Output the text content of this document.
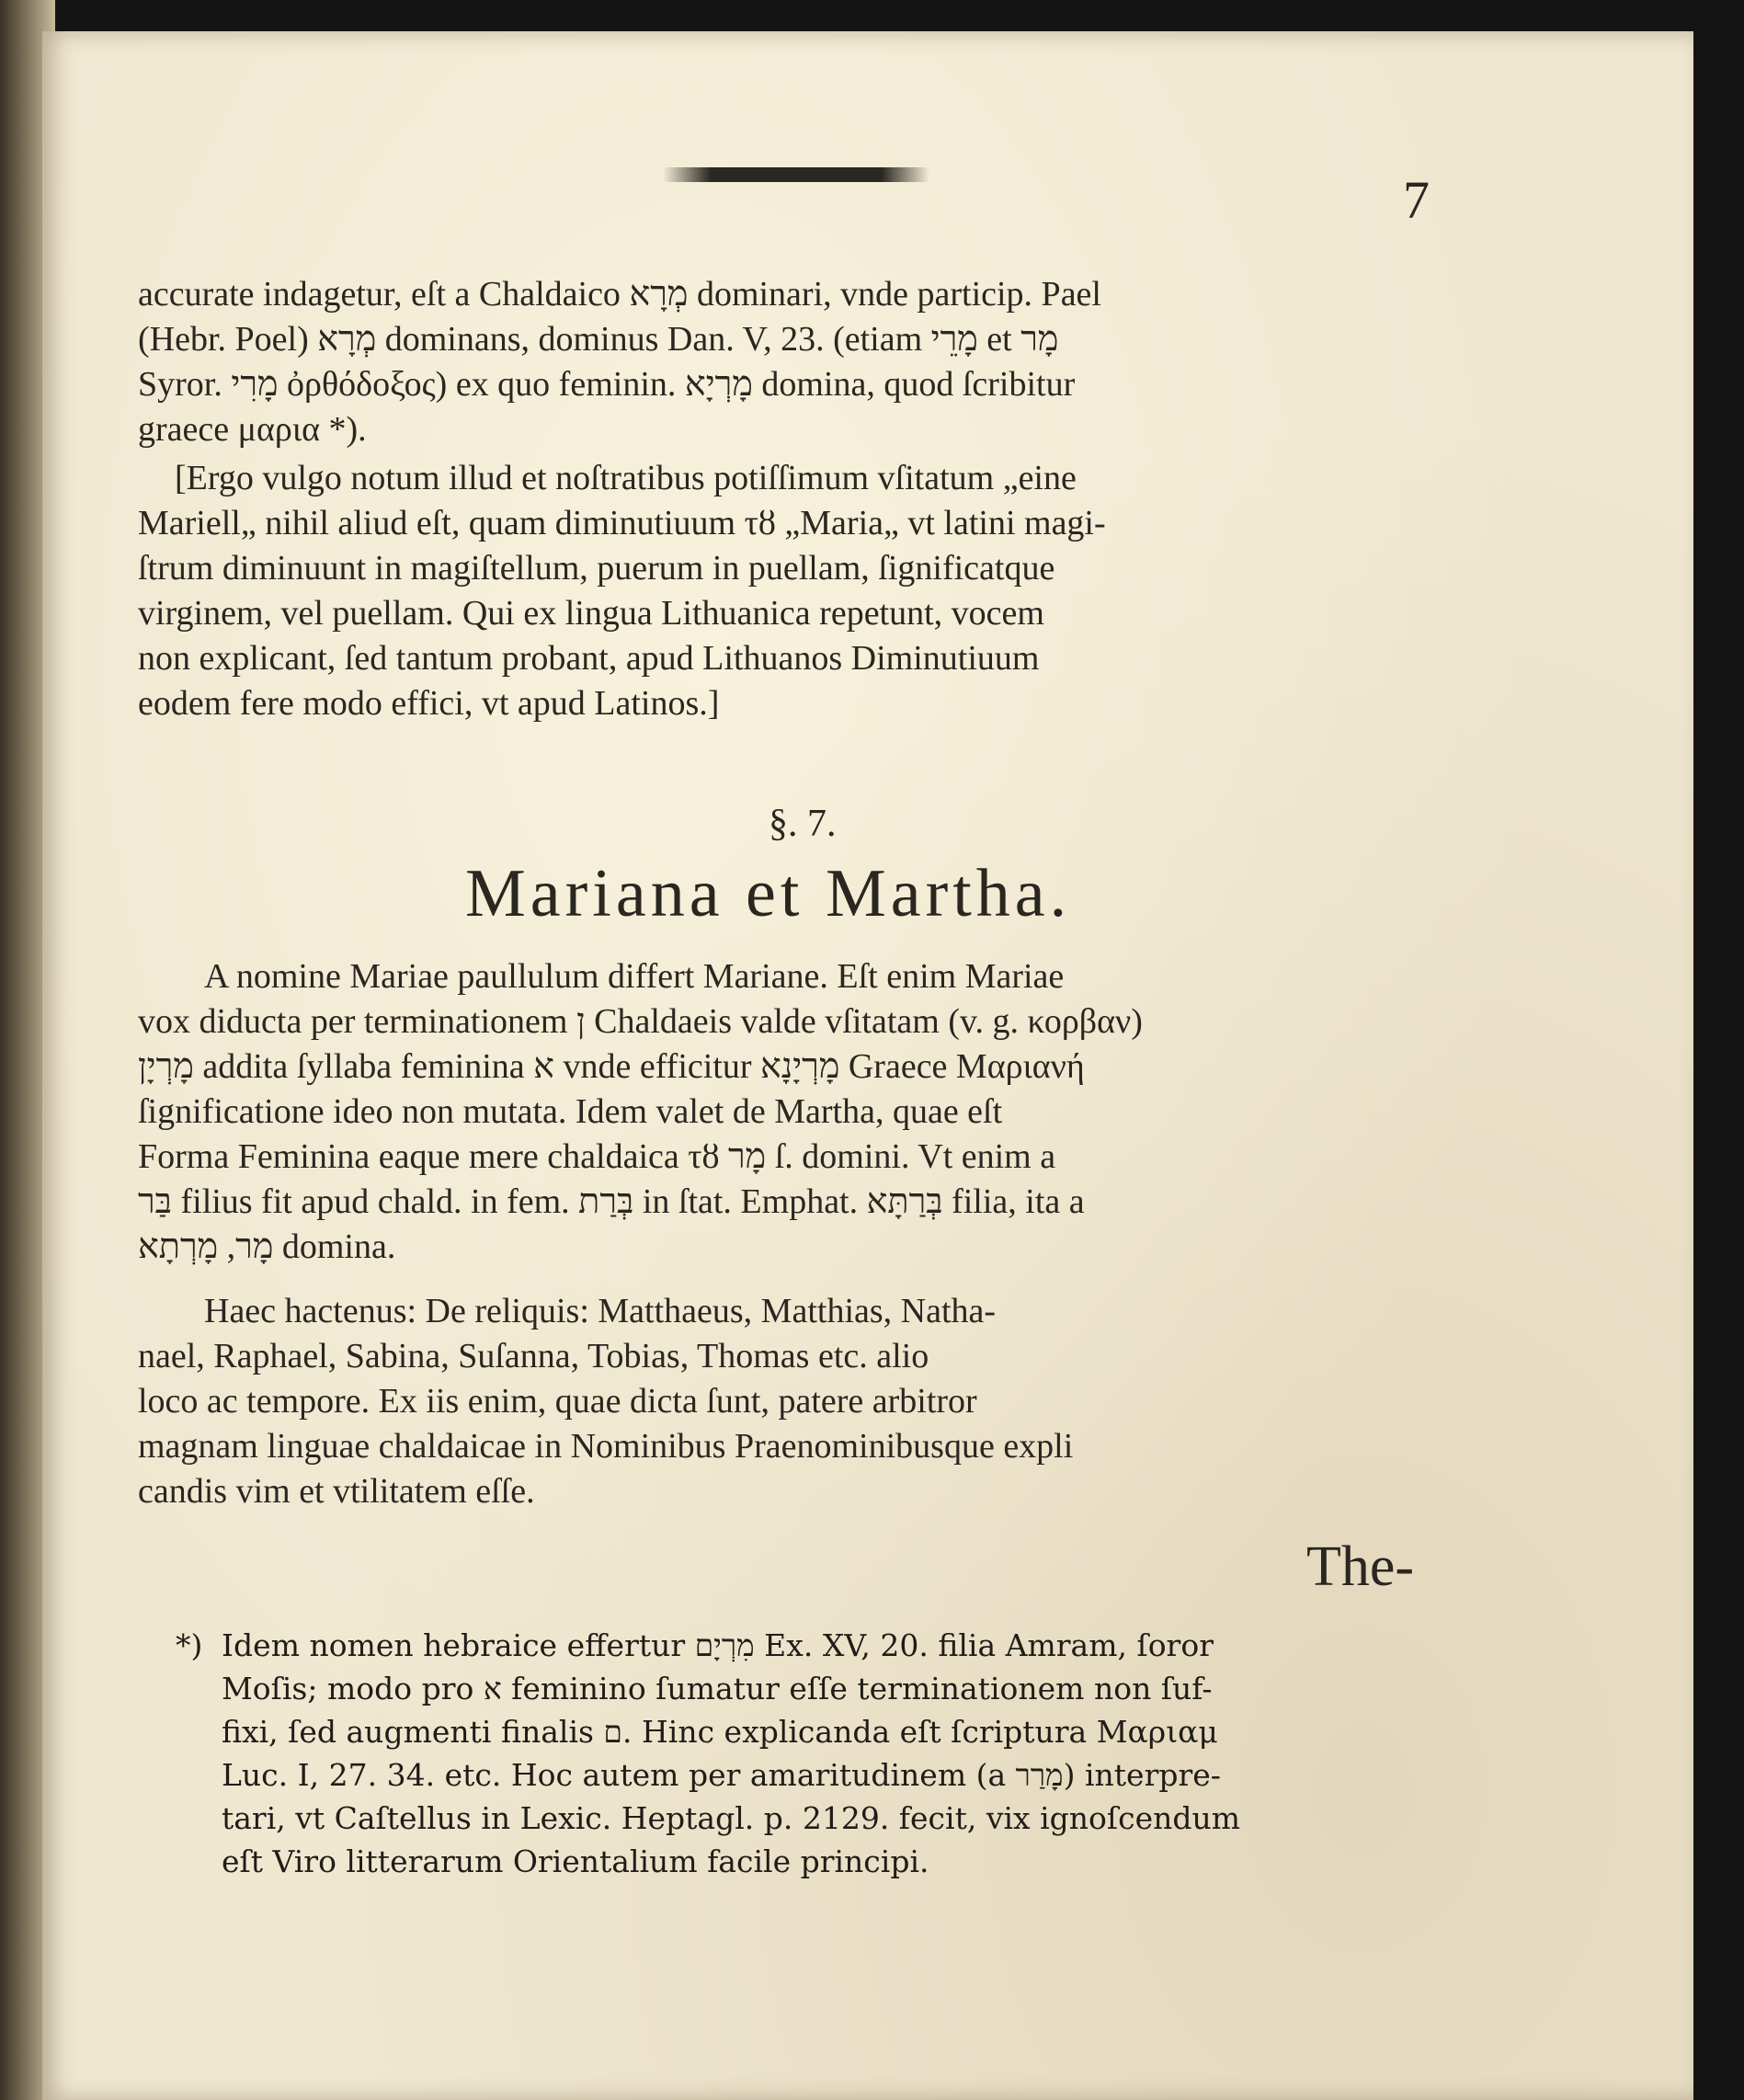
7
accurate indagetur, eſt a Chaldaico מְרָא dominari, vnde particip. Pael
(Hebr. Poel) מְרָא dominans, dominus Dan. V, 23. (etiam מָרֵי et מָר
Syror. מָרִי ὀρθόδοξος) ex quo feminin. מָרְיָא domina, quod ſcribitur
graece μαρια *).
[Ergo vulgo notum illud et noſtratibus potiſſimum vſitatum „eine
Mariell„ nihil aliud eſt, quam diminutiuum τȣ „Maria„ vt latini magi-
ſtrum diminuunt in magiſtellum, puerum in puellam, ſignificatque
virginem, vel puellam. Qui ex lingua Lithuanica repetunt, vocem
non explicant, ſed tantum probant, apud Lithuanos Diminutiuum
eodem fere modo effici, vt apud Latinos.]
§. 7.
Mariana et Martha.
A nomine Mariae paullulum differt Mariane. Eſt enim Mariae
vox diducta per terminationem ן Chaldaeis valde vſitatam (v. g. κορβαν)
מָרְיָן addita ſyllaba feminina א vnde efficitur מָרְיָנָא Graece Μαριανή
ſignificatione ideo non mutata. Idem valet de Martha, quae eſt
Forma Feminina eaque mere chaldaica τȣ מָר ſ. domini. Vt enim a
בַּר filius fit apud chald. in fem. בְּרַת in ſtat. Emphat. בְּרַתָּא filia, ita a
מָר, מָרְתָא domina.
Haec hactenus: De reliquis: Matthaeus, Matthias, Natha-
nael, Raphael, Sabina, Suſanna, Tobias, Thomas etc. alio
loco ac tempore. Ex iis enim, quae dicta ſunt, patere arbitror
magnam linguae chaldaicae in Nominibus Praenominibusque expli
candis vim et vtilitatem eſſe.
The-
*) Idem nomen hebraice effertur מִרְיָם Ex. XV, 20. filia Amram, ſoror
Moſis; modo pro א feminino ſumatur eſſe terminationem non ſuf-
fixi, ſed augmenti finalis ם. Hinc explicanda eſt ſcriptura Μαριαμ
Luc. I, 27. 34. etc. Hoc autem per amaritudinem (a מָרַר) interpre-
tari, vt Caſtellus in Lexic. Heptagl. p. 2129. fecit, vix ignoſcendum
eſt Viro litterarum Orientalium facile principi.
